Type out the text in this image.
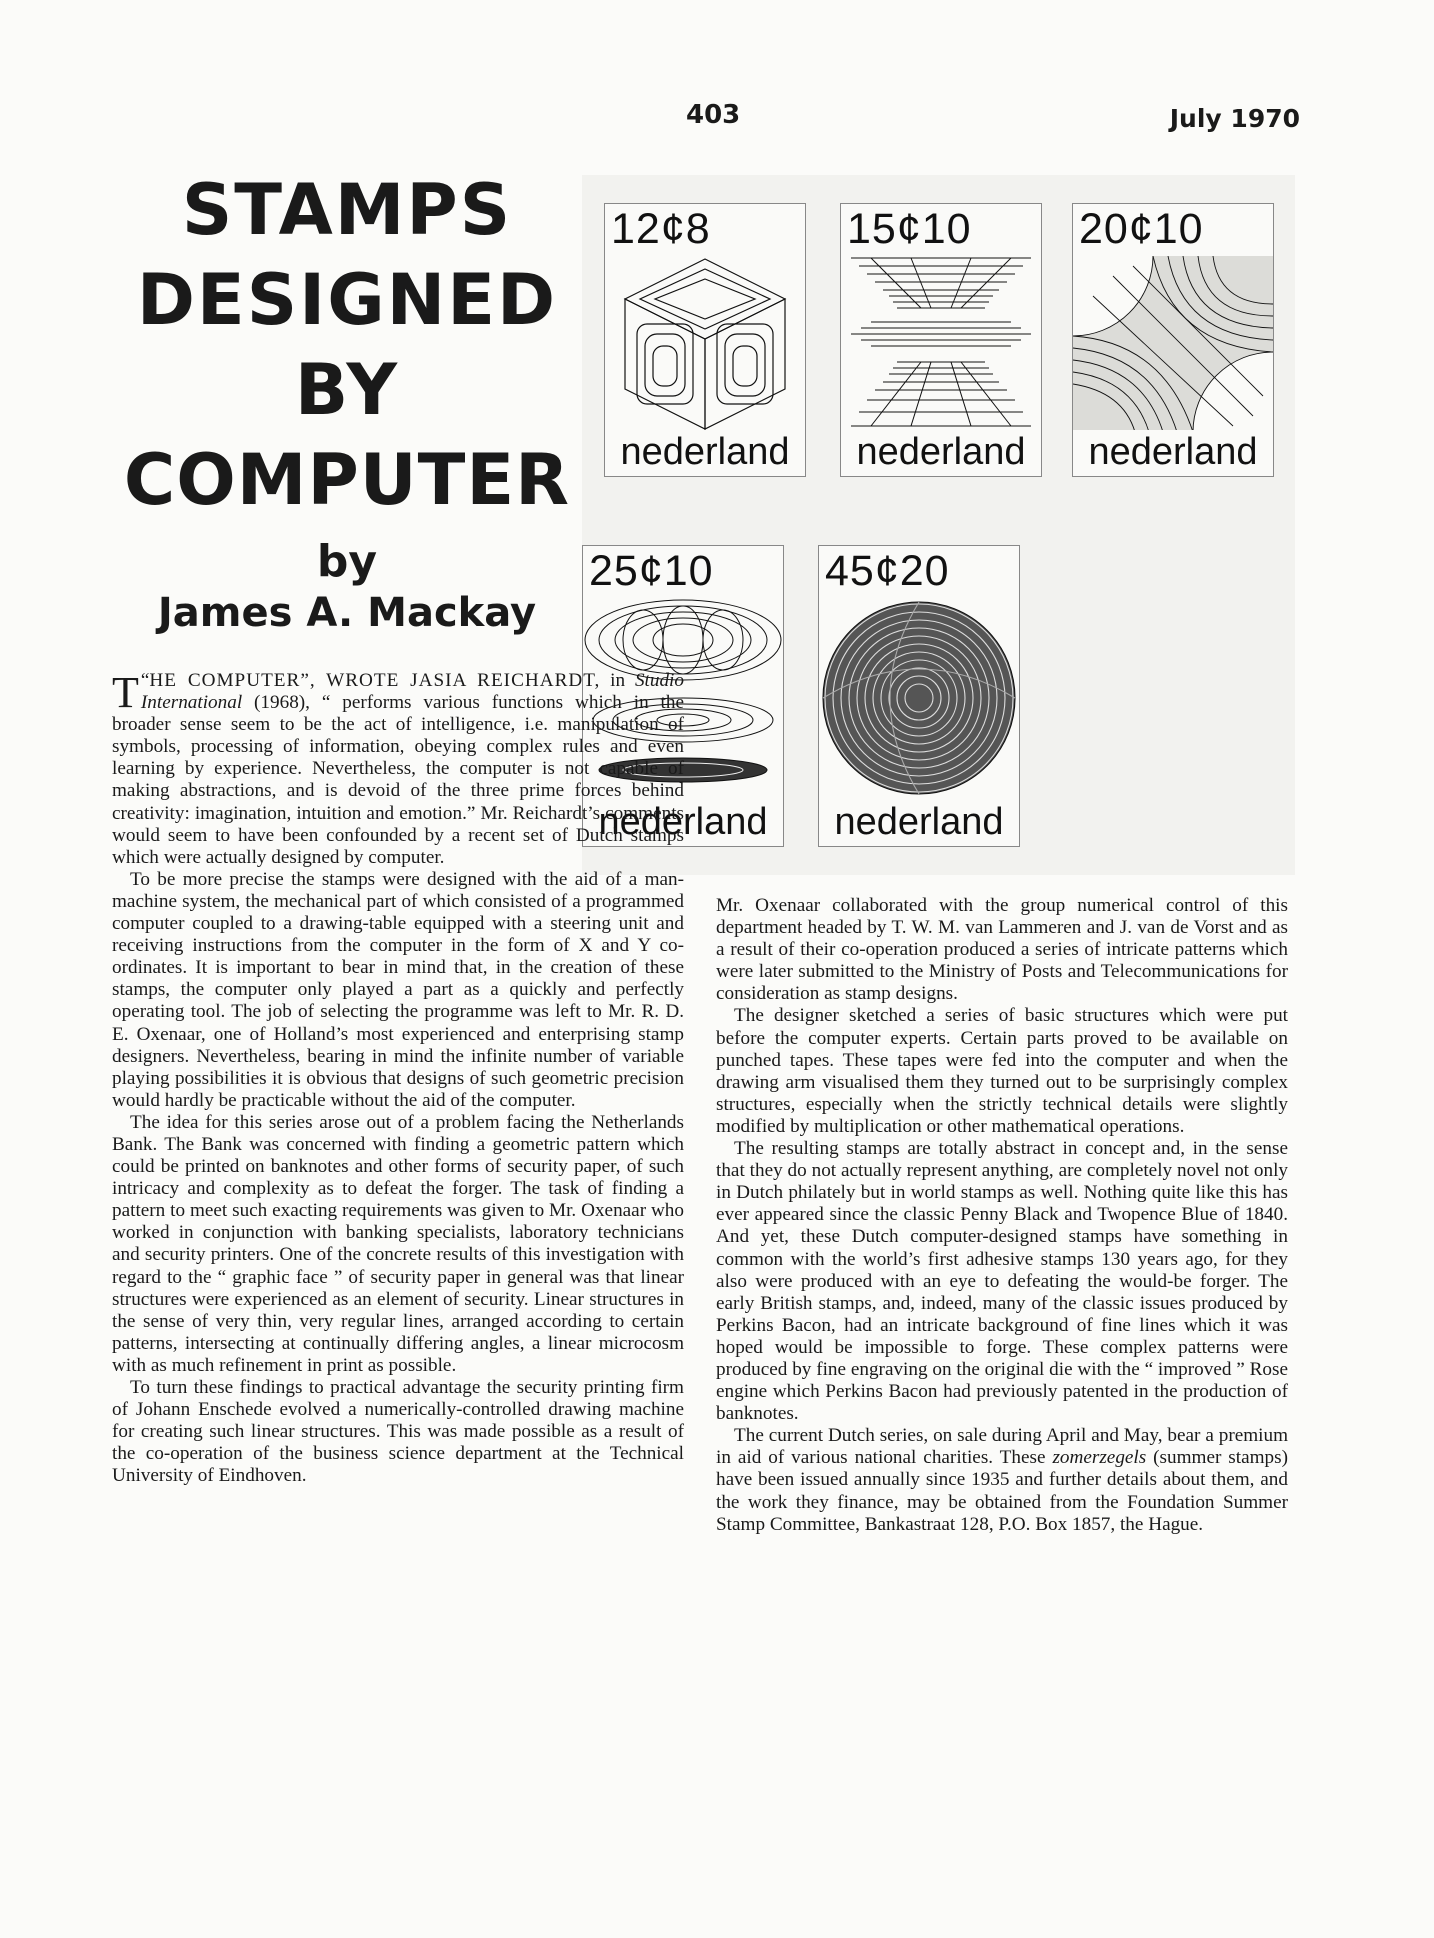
403	July 1970
STAMPS
DESIGNED
BY
COMPUTER
by
James A. Mackay
12¢8
nederland
15¢10
nederland
20¢10
nederland
25¢10
nederland
45¢20
nederland

“
T HE COMPUTER”, WROTE JASIA REICHARDT, in Studio International (1968), “ performs various functions which in the broader sense seem to be the act of intelligence, i.e. manipulation of symbols, processing of information, obeying complex rules and even learning by experience. Nevertheless, the computer is not capable of making abstractions, and is devoid of the three prime forces behind creativity: imagination, intuition and emotion.” Mr. Reichardt’s comments would seem to have been confounded by a recent set of Dutch stamps which were actually designed by computer.

To be more precise the stamps were designed with the aid of a man-machine system, the mechanical part of which consisted of a programmed computer coupled to a drawing-table equipped with a steering unit and receiving instructions from the computer in the form of X and Y co-ordinates. It is important to bear in mind that, in the creation of these stamps, the computer only played a part as a quickly and perfectly operating tool. The job of selecting the programme was left to Mr. R. D. E. Oxenaar, one of Holland’s most experienced and enterprising stamp designers. Nevertheless, bearing in mind the infinite number of variable playing possibilities it is obvious that designs of such geometric precision would hardly be practicable without the aid of the computer.

The idea for this series arose out of a problem facing the Netherlands Bank. The Bank was concerned with finding a geometric pattern which could be printed on banknotes and other forms of security paper, of such intricacy and complexity as to defeat the forger. The task of finding a pattern to meet such exacting requirements was given to Mr. Oxenaar who worked in conjunction with banking specialists, laboratory technicians and security printers. One of the concrete results of this investigation with regard to the “ graphic face ” of security paper in general was that linear structures were experienced as an element of security. Linear structures in the sense of very thin, very regular lines, arranged according to certain patterns, intersecting at continually differing angles, a linear microcosm with as much refinement in print as possible.

To turn these findings to practical advantage the security printing firm of Johann Enschede evolved a numerically-controlled drawing machine for creating such linear structures. This was made possible as a result of the co-operation of the business science department at the Technical University of Eindhoven.

Mr. Oxenaar collaborated with the group numerical control of this department headed by T. W. M. van Lammeren and J. van de Vorst and as a result of their co-operation produced a series of intricate patterns which were later submitted to the Ministry of Posts and Telecommunications for consideration as stamp designs.

The designer sketched a series of basic structures which were put before the computer experts. Certain parts proved to be available on punched tapes. These tapes were fed into the computer and when the drawing arm visualised them they turned out to be surprisingly complex structures, especially when the strictly technical details were slightly modified by multiplication or other mathematical operations.

The resulting stamps are totally abstract in concept and, in the sense that they do not actually represent anything, are completely novel not only in Dutch philately but in world stamps as well. Nothing quite like this has ever appeared since the classic Penny Black and Twopence Blue of 1840. And yet, these Dutch computer-designed stamps have something in common with the world’s first adhesive stamps 130 years ago, for they also were produced with an eye to defeating the would-be forger. The early British stamps, and, indeed, many of the classic issues produced by Perkins Bacon, had an intricate background of fine lines which it was hoped would be impossible to forge. These complex patterns were produced by fine engraving on the original die with the “ improved ” Rose engine which Perkins Bacon had previously patented in the production of banknotes.

The current Dutch series, on sale during April and May, bear a premium in aid of various national charities. These zomerzegels (summer stamps) have been issued annually since 1935 and further details about them, and the work they finance, may be obtained from the Foundation Summer Stamp Committee, Bankastraat 128, P.O. Box 1857, the Hague.
